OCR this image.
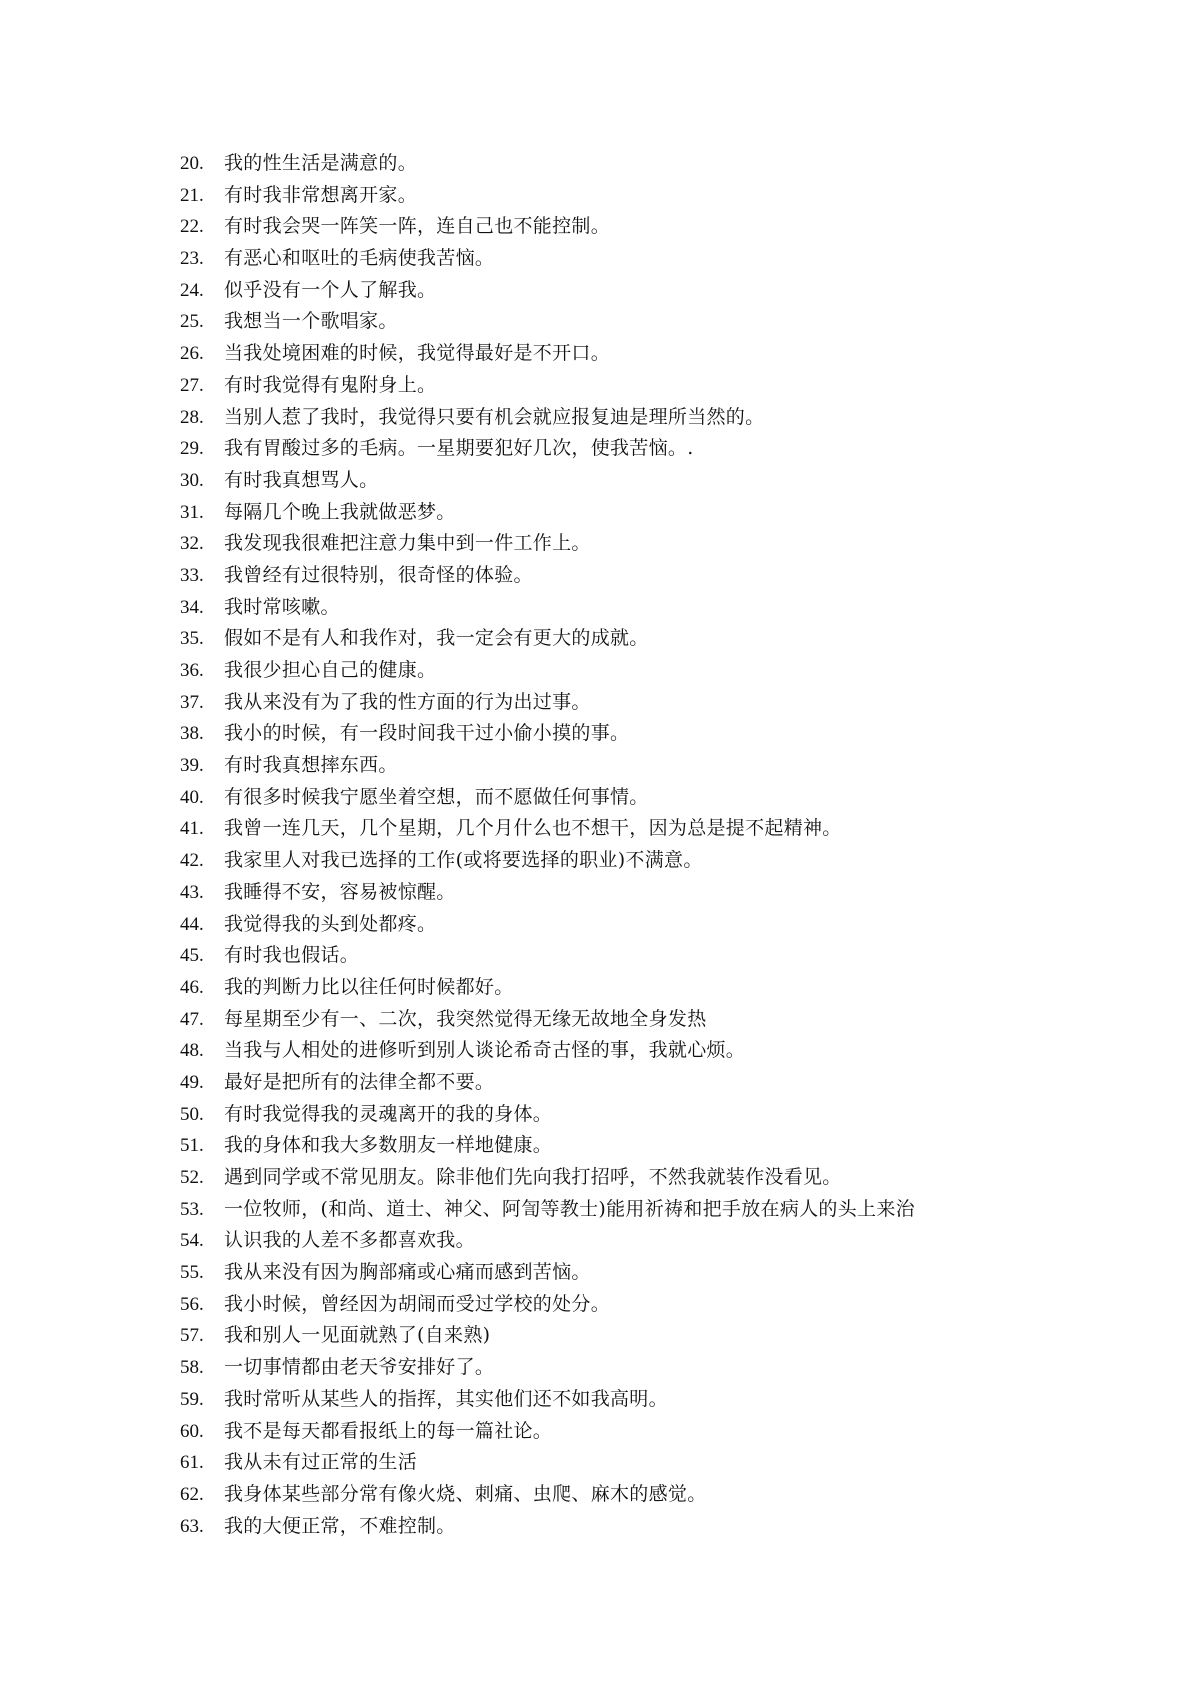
20.	我的性生活是满意的。
21.	有时我非常想离开家。
22.	有时我会哭一阵笑一阵，连自己也不能控制。
23.	有恶心和呕吐的毛病使我苦恼。
24.	似乎没有一个人了解我。
25.	我想当一个歌唱家。
26.	当我处境困难的时候，我觉得最好是不开口。
27.	有时我觉得有鬼附身上。
28.	当别人惹了我时，我觉得只要有机会就应报复迪是理所当然的。
29.	我有胃酸过多的毛病。一星期要犯好几次，使我苦恼。.
30.	有时我真想骂人。
31.	每隔几个晚上我就做恶梦。
32.	我发现我很难把注意力集中到一件工作上。
33.	我曾经有过很特别，很奇怪的体验。
34.	我时常咳嗽。
35.	假如不是有人和我作对，我一定会有更大的成就。
36.	我很少担心自己的健康。
37.	我从来没有为了我的性方面的行为出过事。
38.	我小的时候，有一段时间我干过小偷小摸的事。
39.	有时我真想摔东西。
40.	有很多时候我宁愿坐着空想，而不愿做任何事情。
41.	我曾一连几天，几个星期，几个月什么也不想干，因为总是提不起精神。
42.	我家里人对我已选择的工作(或将要选择的职业)不满意。
43.	我睡得不安，容易被惊醒。
44.	我觉得我的头到处都疼。
45.	有时我也假话。
46.	我的判断力比以往任何时候都好。
47.	每星期至少有一、二次，我突然觉得无缘无故地全身发热
48.	当我与人相处的进修听到别人谈论希奇古怪的事，我就心烦。
49.	最好是把所有的法律全都不要。
50.	有时我觉得我的灵魂离开的我的身体。
51.	我的身体和我大多数朋友一样地健康。
52.	遇到同学或不常见朋友。除非他们先向我打招呼，不然我就装作没看见。
53.	一位牧师，(和尚、道士、神父、阿訇等教士)能用祈祷和把手放在病人的头上来治
54.	认识我的人差不多都喜欢我。
55.	我从来没有因为胸部痛或心痛而感到苦恼。
56.	我小时候，曾经因为胡闹而受过学校的处分。
57.	我和别人一见面就熟了(自来熟)
58.	一切事情都由老天爷安排好了。
59.	我时常听从某些人的指挥，其实他们还不如我高明。
60.	我不是每天都看报纸上的每一篇社论。
61.	我从未有过正常的生活
62.	我身体某些部分常有像火烧、刺痛、虫爬、麻木的感觉。
63.	我的大便正常，不难控制。
